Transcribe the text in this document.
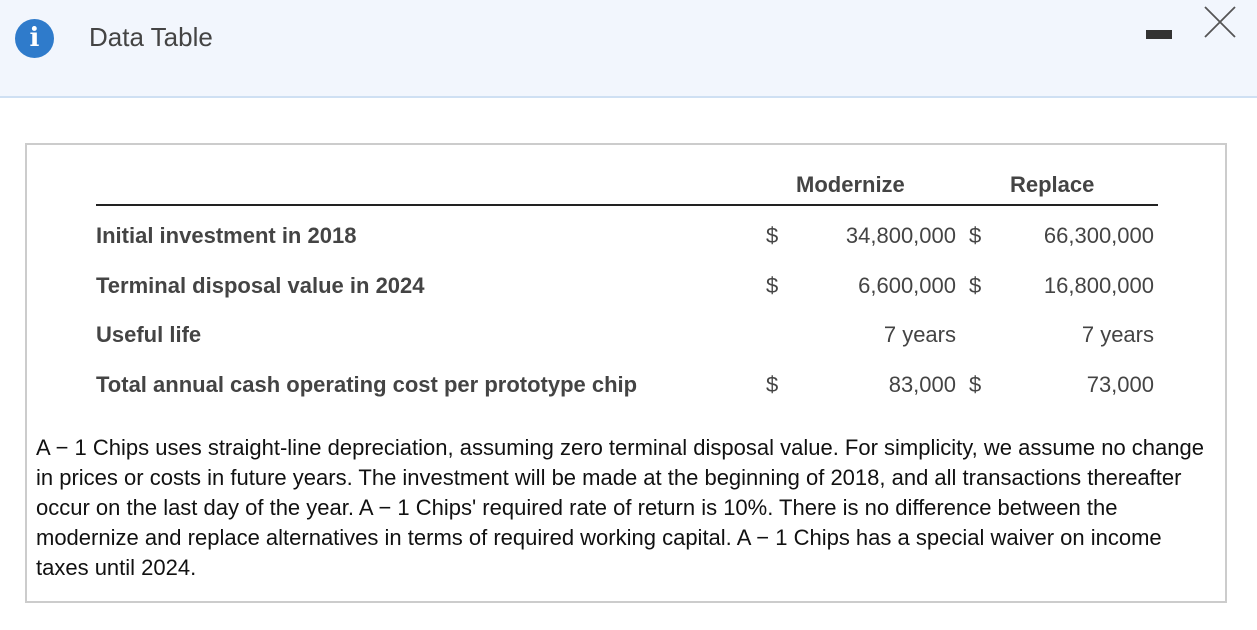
i	Data Table
Modernize	Replace
Initial investment in 2018	$	34,800,000 $	66,300,000
Terminal disposal value in 2024	$	6,600,000 $	16,800,000
Useful life	7 years	7 years
Total annual cash operating cost per prototype chip	$	83,000 $	73,000
A − 1 Chips uses straight-line depreciation, assuming zero terminal disposal value. For simplicity, we assume no change in prices or costs in future years. The investment will be made at the beginning of 2018, and all transactions thereafter occur on the last day of the year. A − 1 Chips' required rate of return is 10%. There is no difference between the modernize and replace alternatives in terms of required working capital. A − 1 Chips has a special waiver on income taxes until 2024.
